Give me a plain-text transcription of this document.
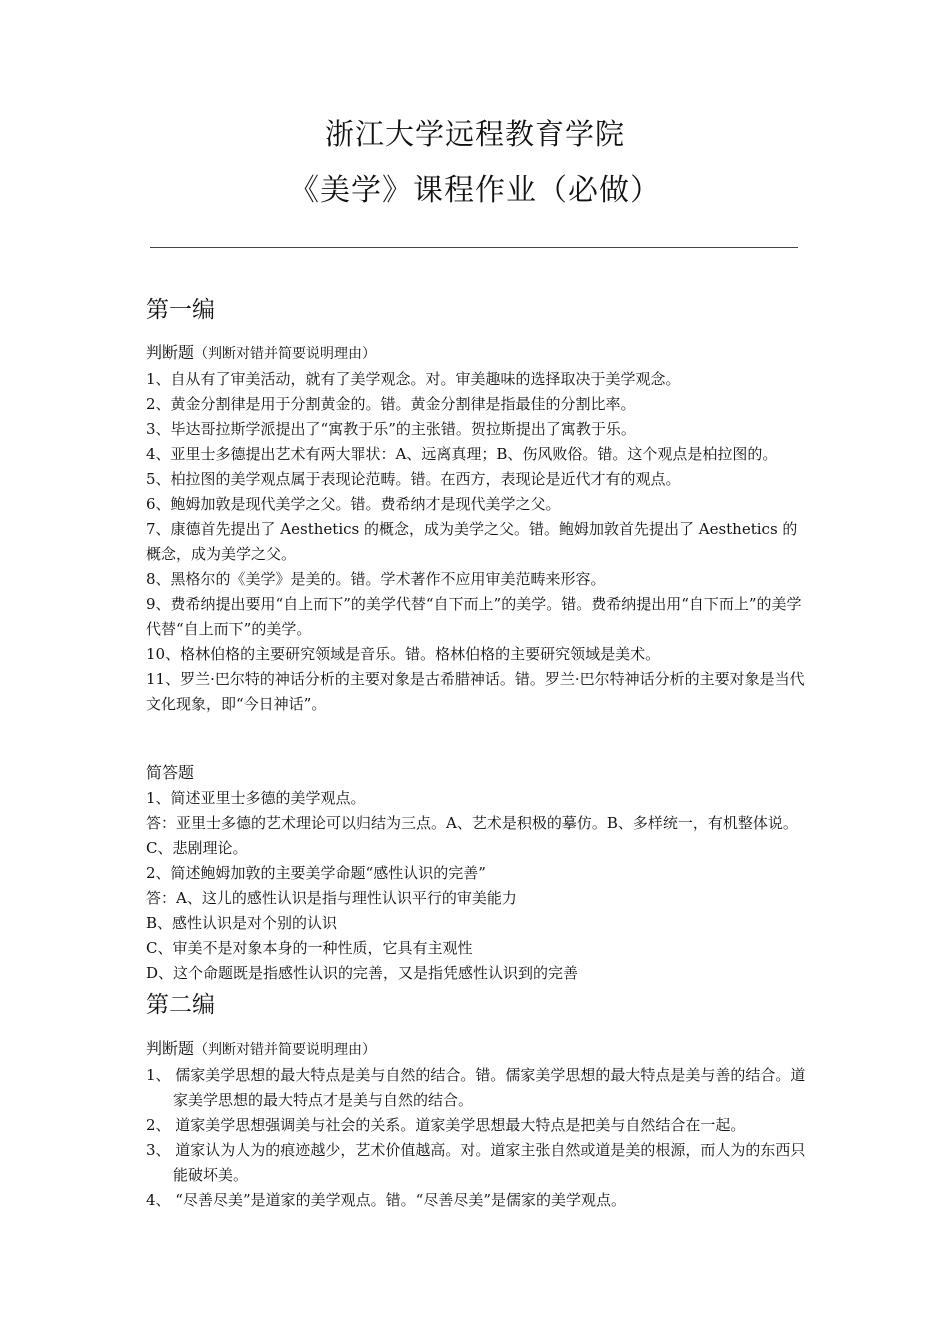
浙江大学远程教育学院
《美学》课程作业（必做）
第一编
判断题（判断对错并简要说明理由）
1、自从有了审美活动，就有了美学观念。对。审美趣味的选择取决于美学观念。
2、黄金分割律是用于分割黄金的。错。黄金分割律是指最佳的分割比率。
3、毕达哥拉斯学派提出了“寓教于乐”的主张错。贺拉斯提出了寓教于乐。
4、亚里士多德提出艺术有两大罪状：A、远离真理；B、伤风败俗。错。这个观点是柏拉图的。
5、柏拉图的美学观点属于表现论范畴。错。在西方，表现论是近代才有的观点。
6、鲍姆加敦是现代美学之父。错。费希纳才是现代美学之父。
7、康德首先提出了 Aesthetics 的概念，成为美学之父。错。鲍姆加敦首先提出了 Aesthetics 的概念，成为美学之父。
8、黑格尔的《美学》是美的。错。学术著作不应用审美范畴来形容。
9、费希纳提出要用“自上而下”的美学代替“自下而上”的美学。错。费希纳提出用“自下而上”的美学代替“自上而下”的美学。
10、格林伯格的主要研究领域是音乐。错。格林伯格的主要研究领域是美术。
11、罗兰·巴尔特的神话分析的主要对象是古希腊神话。错。罗兰·巴尔特神话分析的主要对象是当代文化现象，即“今日神话”。
简答题
1、简述亚里士多德的美学观点。
答：亚里士多德的艺术理论可以归结为三点。A、艺术是积极的摹仿。B、多样统一，有机整体说。C、悲剧理论。
2、简述鲍姆加敦的主要美学命题“感性认识的完善”
答：A、这儿的感性认识是指与理性认识平行的审美能力
B、感性认识是对个别的认识
C、审美不是对象本身的一种性质，它具有主观性
D、这个命题既是指感性认识的完善，又是指凭感性认识到的完善
第二编
判断题（判断对错并简要说明理由）
1、 儒家美学思想的最大特点是美与自然的结合。错。儒家美学思想的最大特点是美与善的结合。道家美学思想的最大特点才是美与自然的结合。
2、 道家美学思想强调美与社会的关系。道家美学思想最大特点是把美与自然结合在一起。
3、 道家认为人为的痕迹越少，艺术价值越高。对。道家主张自然或道是美的根源，而人为的东西只能破坏美。
4、 “尽善尽美”是道家的美学观点。错。“尽善尽美”是儒家的美学观点。
